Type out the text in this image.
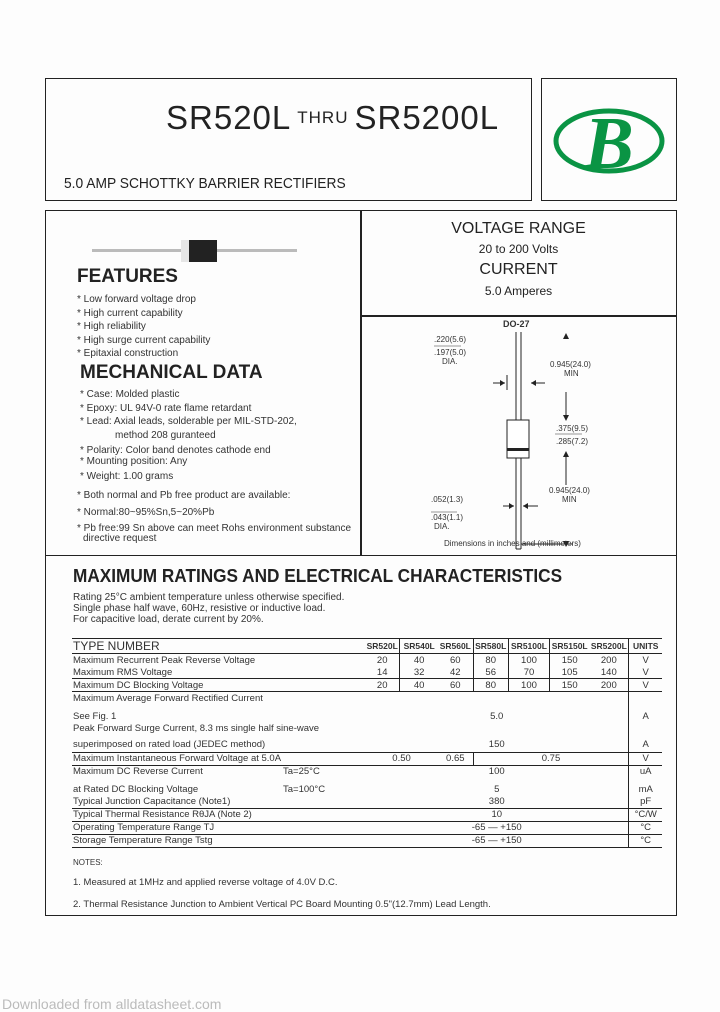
SR520L THRU SR5200L
5.0 AMP SCHOTTKY BARRIER RECTIFIERS	B
FEATURES
* Low forward voltage drop
* High current capability
* High reliability
* High surge current capability
* Epitaxial construction
MECHANICAL DATA
* Case: Molded plastic
* Epoxy: UL 94V-0 rate flame retardant
* Lead: Axial leads, solderable per MIL-STD-202,
method 208 guranteed
* Polarity: Color band denotes cathode end
* Mounting position: Any
* Weight: 1.00 grams
* Both normal and Pb free product are available:
* Normal:80~95%Sn,5~20%Pb
* Pb free:99 Sn above can meet Rohs environment substance
directive request
VOLTAGE RANGE
20 to 200 Volts
CURRENT
5.0 Amperes
DO-27
.220(5.6)
.197(5.0)
DIA.	0.945(24.0)
MIN
.375(9.5)
.285(7.2)
0.945(24.0)
MIN
.052(1.3)
.043(1.1)
DIA.
Dimensions in inches and (millimeters)
MAXIMUM RATINGS AND ELECTRICAL CHARACTERISTICS
Rating 25°C ambient temperature unless otherwise specified.
Single phase half wave, 60Hz, resistive or inductive load.
For capacitive load, derate current by 20%.
TYPE NUMBER	SR520L	SR540L	SR560L	SR580L	SR5100L	SR5150L	SR5200L	UNITS
Maximum Recurrent Peak Reverse Voltage	20	40	60	80	100	150	200	V
Maximum RMS Voltage	14	32	42	56	70	105	140	V
Maximum DC Blocking Voltage	20	40	60	80	100	150	200	V
Maximum Average Forward Rectified Current								
See Fig. 1	5.0							A
Peak Forward Surge Current, 8.3 ms single half sine-wave								
superimposed on rated load (JEDEC method)	150							A
Maximum Instantaneous Forward Voltage at 5.0A	0.50		0.65	0.75				V
Maximum DC Reverse Current Ta=25°C	100							uA
at Rated DC Blocking Voltage Ta=100°C	5							mA
Typical Junction Capacitance (Note1)	380							pF
Typical Thermal Resistance RθJA (Note 2)	10							°C/W
Operating Temperature Range TJ	-65 — +150							°C
Storage Temperature Range Tstg	-65 — +150							°C
NOTES:
1. Measured at 1MHz and applied reverse voltage of 4.0V D.C.
2. Thermal Resistance Junction to Ambient Vertical PC Board Mounting 0.5"(12.7mm) Lead Length.
Downloaded from alldatasheet.com
